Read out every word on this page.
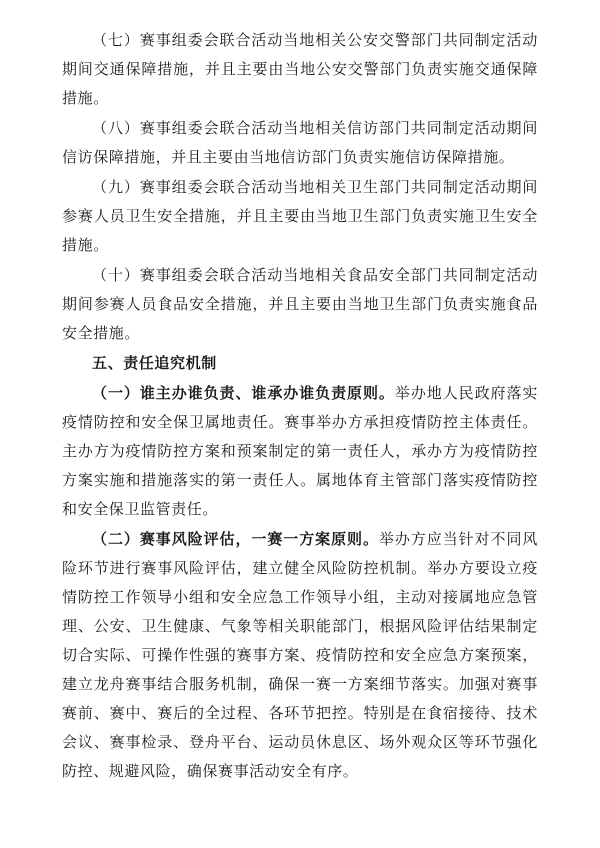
（七）赛事组委会联合活动当地相关公安交警部门共同制定活动期间交通保障措施，并且主要由当地公安交警部门负责实施交通保障措施。

（八）赛事组委会联合活动当地相关信访部门共同制定活动期间信访保障措施，并且主要由当地信访部门负责实施信访保障措施。

（九）赛事组委会联合活动当地相关卫生部门共同制定活动期间参赛人员卫生安全措施，并且主要由当地卫生部门负责实施卫生安全措施。

（十）赛事组委会联合活动当地相关食品安全部门共同制定活动期间参赛人员食品安全措施，并且主要由当地卫生部门负责实施食品安全措施。

五、责任追究机制

（一）谁主办谁负责、谁承办谁负责原则。举办地人民政府落实疫情防控和安全保卫属地责任。赛事举办方承担疫情防控主体责任。主办方为疫情防控方案和预案制定的第一责任人，承办方为疫情防控方案实施和措施落实的第一责任人。属地体育主管部门落实疫情防控和安全保卫监管责任。

（二）赛事风险评估，一赛一方案原则。举办方应当针对不同风险环节进行赛事风险评估，建立健全风险防控机制。举办方要设立疫情防控工作领导小组和安全应急工作领导小组，主动对接属地应急管理、公安、卫生健康、气象等相关职能部门，根据风险评估结果制定切合实际、可操作性强的赛事方案、疫情防控和安全应急方案预案，建立龙舟赛事结合服务机制，确保一赛一方案细节落实。加强对赛事赛前、赛中、赛后的全过程、各环节把控。特别是在食宿接待、技术会议、赛事检录、登舟平台、运动员休息区、场外观众区等环节强化防控、规避风险，确保赛事活动安全有序。
